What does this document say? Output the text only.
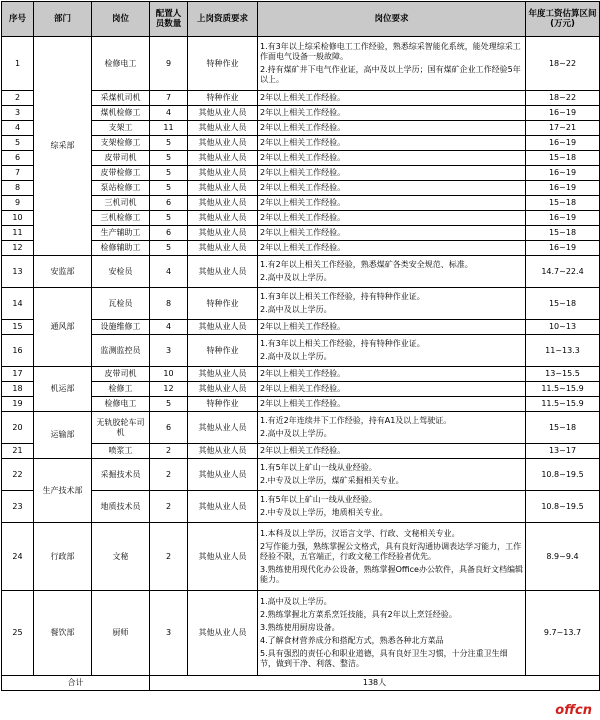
序号	部门	岗位	配置人员数量	上岗资质要求	岗位要求	年度工资估算区间(万元)
1	综采部	检修电工	9	特种作业	1.有3年以上综采检修电工工作经验，熟悉综采智能化系统，能处理综采工作面电气设备一般故障。
2.持有煤矿井下电气作业证，高中及以上学历；国有煤矿企业工作经验5年以上。	18~22
2		采煤机司机	7	特种作业	2年以上相关工作经验。	18~22
3		煤机检修工	4	其他从业人员	2年以上相关工作经验。	16~19
4		支架工	11	其他从业人员	2年以上相关工作经验。	17~21
5		支架检修工	5	其他从业人员	2年以上相关工作经验。	16~19
6		皮带司机	5	其他从业人员	2年以上相关工作经验。	15~18
7		皮带检修工	5	其他从业人员	2年以上相关工作经验。	16~19
8		泵站检修工	5	其他从业人员	2年以上相关工作经验。	16~19
9		三机司机	6	其他从业人员	2年以上相关工作经验。	15~18
10		三机检修工	5	其他从业人员	2年以上相关工作经验。	16~19
11		生产辅助工	6	其他从业人员	2年以上相关工作经验。	15~18
12		检修辅助工	5	其他从业人员	2年以上相关工作经验。	16~19
13	安监部	安检员	4	其他从业人员	1.有2年以上相关工作经验，熟悉煤矿各类安全规范、标准。
2.高中及以上学历。	14.7~22.4
14	通风部	瓦检员	8	特种作业	1.有3年以上相关工作经验，持有特种作业证。
2.高中及以上学历。	15~18
15		设施维修工	4	其他从业人员	2年以上相关工作经验。	10~13
16		监测监控员	3	特种作业	1.有3年以上相关工作经验，持有特种作业证。
2.高中及以上学历。	11~13.3
17	机运部	皮带司机	10	其他从业人员	2年以上相关工作经验。	13~15.5
18		检修工	12	其他从业人员	2年以上相关工作经验。	11.5~15.9
19		检修电工	5	特种作业	2年以上相关工作经验。	11.5~15.9
20	运输部	无轨胶轮车司机	6	其他从业人员	1.有近2年连续井下工作经验，持有A1及以上驾驶证。
2.高中及以上学历。	15~18
21		喷浆工	2	其他从业人员	2年以上相关工作经验。	13~17
22	生产技术部	采掘技术员	2	其他从业人员	1.有5年以上矿山一线从业经验。
2.中专及以上学历，煤矿采掘相关专业。	10.8~19.5
23		地质技术员	2	其他从业人员	1.有5年以上矿山一线从业经验。
2.中专及以上学历，地质相关专业。	10.8~19.5
24	行政部	文秘	2	其他从业人员	1.本科及以上学历，汉语言文学、行政、文秘相关专业。
2写作能力强，熟练掌握公文格式，具有良好沟通协调表达学习能力，工作经验不限，五官端正，行政文秘工作经验者优先。
3.熟练使用现代化办公设备，熟练掌握Office办公软件，具备良好文档编辑能力。	8.9~9.4
25	餐饮部	厨师	3	其他从业人员	1.高中及以上学历。
2.熟练掌握北方菜系烹饪技能，具有2年以上烹饪经验。
3.熟练使用厨房设备。
4.了解食材营养成分和搭配方式，熟悉各种北方菜品
5.具有强烈的责任心和职业道德，具有良好卫生习惯，十分注重卫生细节，做到干净、利落、整洁。	9.7~13.7
合计			138人			
offcn
